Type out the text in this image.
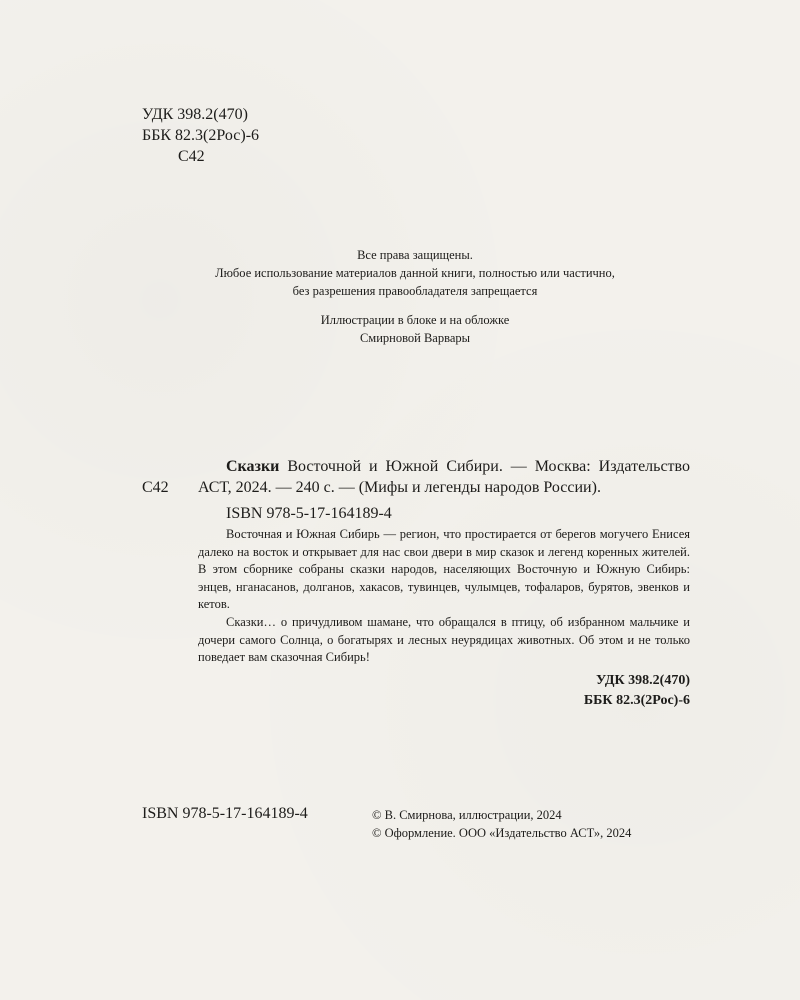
УДК 398.2(470)
ББК 82.3(2Рос)-6
С42
Все права защищены.
Любое использование материалов данной книги, полностью или частично,
без разрешения правообладателя запрещается
Иллюстрации в блоке и на обложке
Смирновой Варвары
С42

Сказки Восточной и Южной Сибири. — Москва: Издательство АСТ, 2024. — 240 с. — (Мифы и легенды народов России).

ISBN 978-5-17-164189-4

Восточная и Южная Сибирь — регион, что простирается от берегов могучего Енисея далеко на восток и открывает для нас свои двери в мир сказок и легенд коренных жителей. В этом сборнике собраны сказки народов, населяющих Восточную и Южную Сибирь: энцев, нганасанов, долганов, хакасов, тувинцев, чулымцев, тофаларов, бурятов, эвенков и кетов.

Сказки… о причудливом шамане, что обращался в птицу, об избранном мальчике и дочери самого Солнца, о богатырях и лесных неурядицах животных. Об этом и не только поведает вам сказочная Сибирь!

УДК 398.2(470)
ББК 82.3(2Рос)-6
ISBN 978-5-17-164189-4	© В. Смирнова, иллюстрации, 2024
© Оформление. ООО «Издательство АСТ», 2024
